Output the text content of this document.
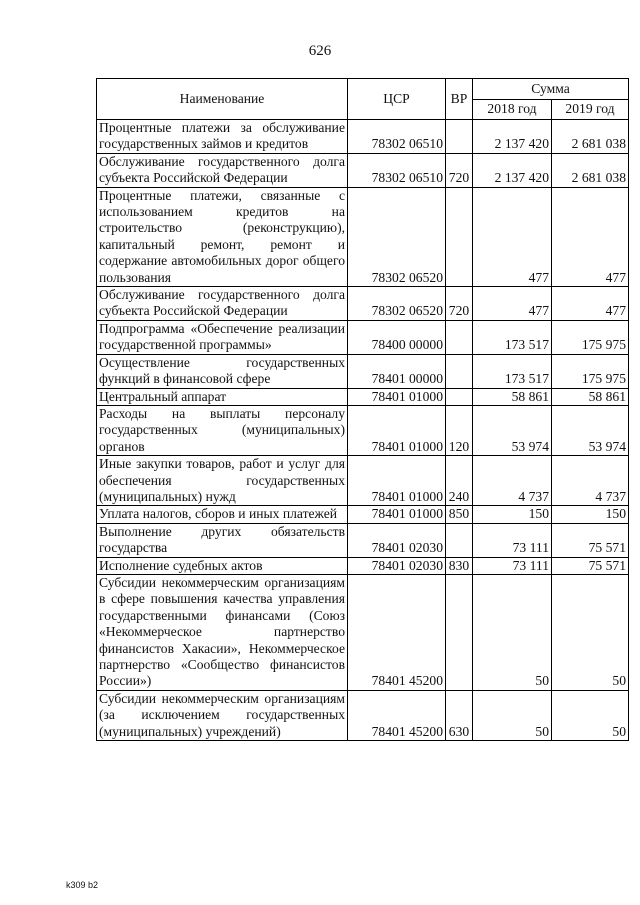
626
Наименование	ЦСР	ВР	Сумма	
			2018 год	2019 год
Процентные платежи за обслуживание государственных займов и кредитов	78302 06510		2 137 420	2 681 038
Обслуживание государственного долга субъекта Российской Федерации	78302 06510	720	2 137 420	2 681 038
Процентные платежи, связанные с использованием кредитов на строительство (реконструкцию), капитальный ремонт, ремонт и содержание автомобильных дорог общего пользования	78302 06520		477	477
Обслуживание государственного долга субъекта Российской Федерации	78302 06520	720	477	477
Подпрограмма «Обеспечение реализации государственной программы»	78400 00000		173 517	175 975
Осуществление государственных функций в финансовой сфере	78401 00000		173 517	175 975
Центральный аппарат	78401 01000		58 861	58 861
Расходы на выплаты персоналу государственных (муниципальных) органов	78401 01000	120	53 974	53 974
Иные закупки товаров, работ и услуг для обеспечения государственных (муниципальных) нужд	78401 01000	240	4 737	4 737
Уплата налогов, сборов и иных платежей	78401 01000	850	150	150
Выполнение других обязательств государства	78401 02030		73 111	75 571
Исполнение судебных актов	78401 02030	830	73 111	75 571
Субсидии некоммерческим организациям в сфере повышения качества управления государственными финансами (Союз «Некоммерческое партнерство финансистов Хакасии», Некоммерческое партнерство «Сообщество финансистов России»)	78401 45200		50	50
Субсидии некоммерческим организациям (за исключением государственных (муниципальных) учреждений)	78401 45200	630	50	50
k309 b2
